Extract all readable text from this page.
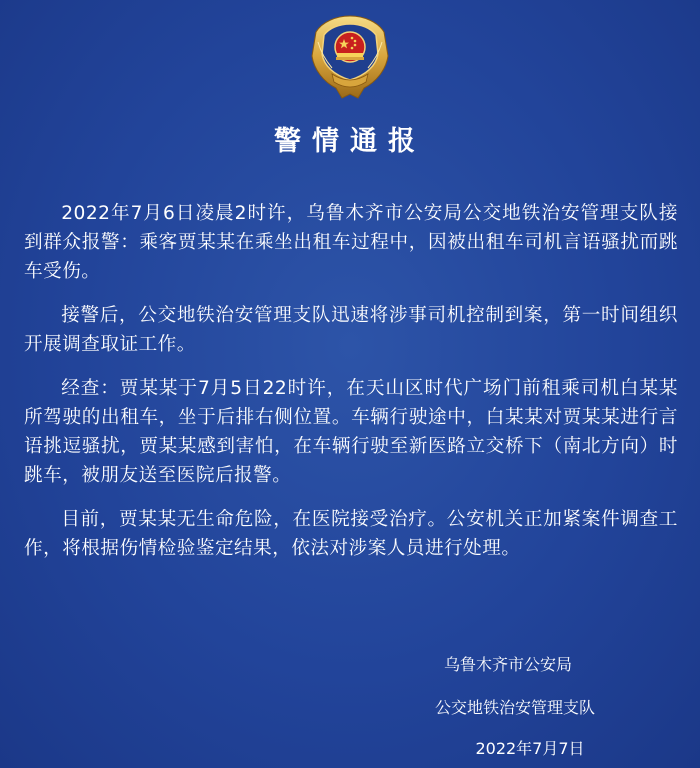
警情通报

2022年7月6日凌晨2时许，乌鲁木齐市公安局公交地铁治安管理支队接到群众报警：乘客贾某某在乘坐出租车过程中，因被出租车司机言语骚扰而跳车受伤。

接警后，公交地铁治安管理支队迅速将涉事司机控制到案，第一时间组织开展调查取证工作。

经查：贾某某于7月5日22时许，在天山区时代广场门前租乘司机白某某所驾驶的出租车，坐于后排右侧位置。车辆行驶途中，白某某对贾某某进行言语挑逗骚扰，贾某某感到害怕，在车辆行驶至新医路立交桥下（南北方向）时跳车，被朋友送至医院后报警。

目前，贾某某无生命危险，在医院接受治疗。公安机关正加紧案件调查工作，将根据伤情检验鉴定结果，依法对涉案人员进行处理。

乌鲁木齐市公安局
公交地铁治安管理支队
2022年7月7日
